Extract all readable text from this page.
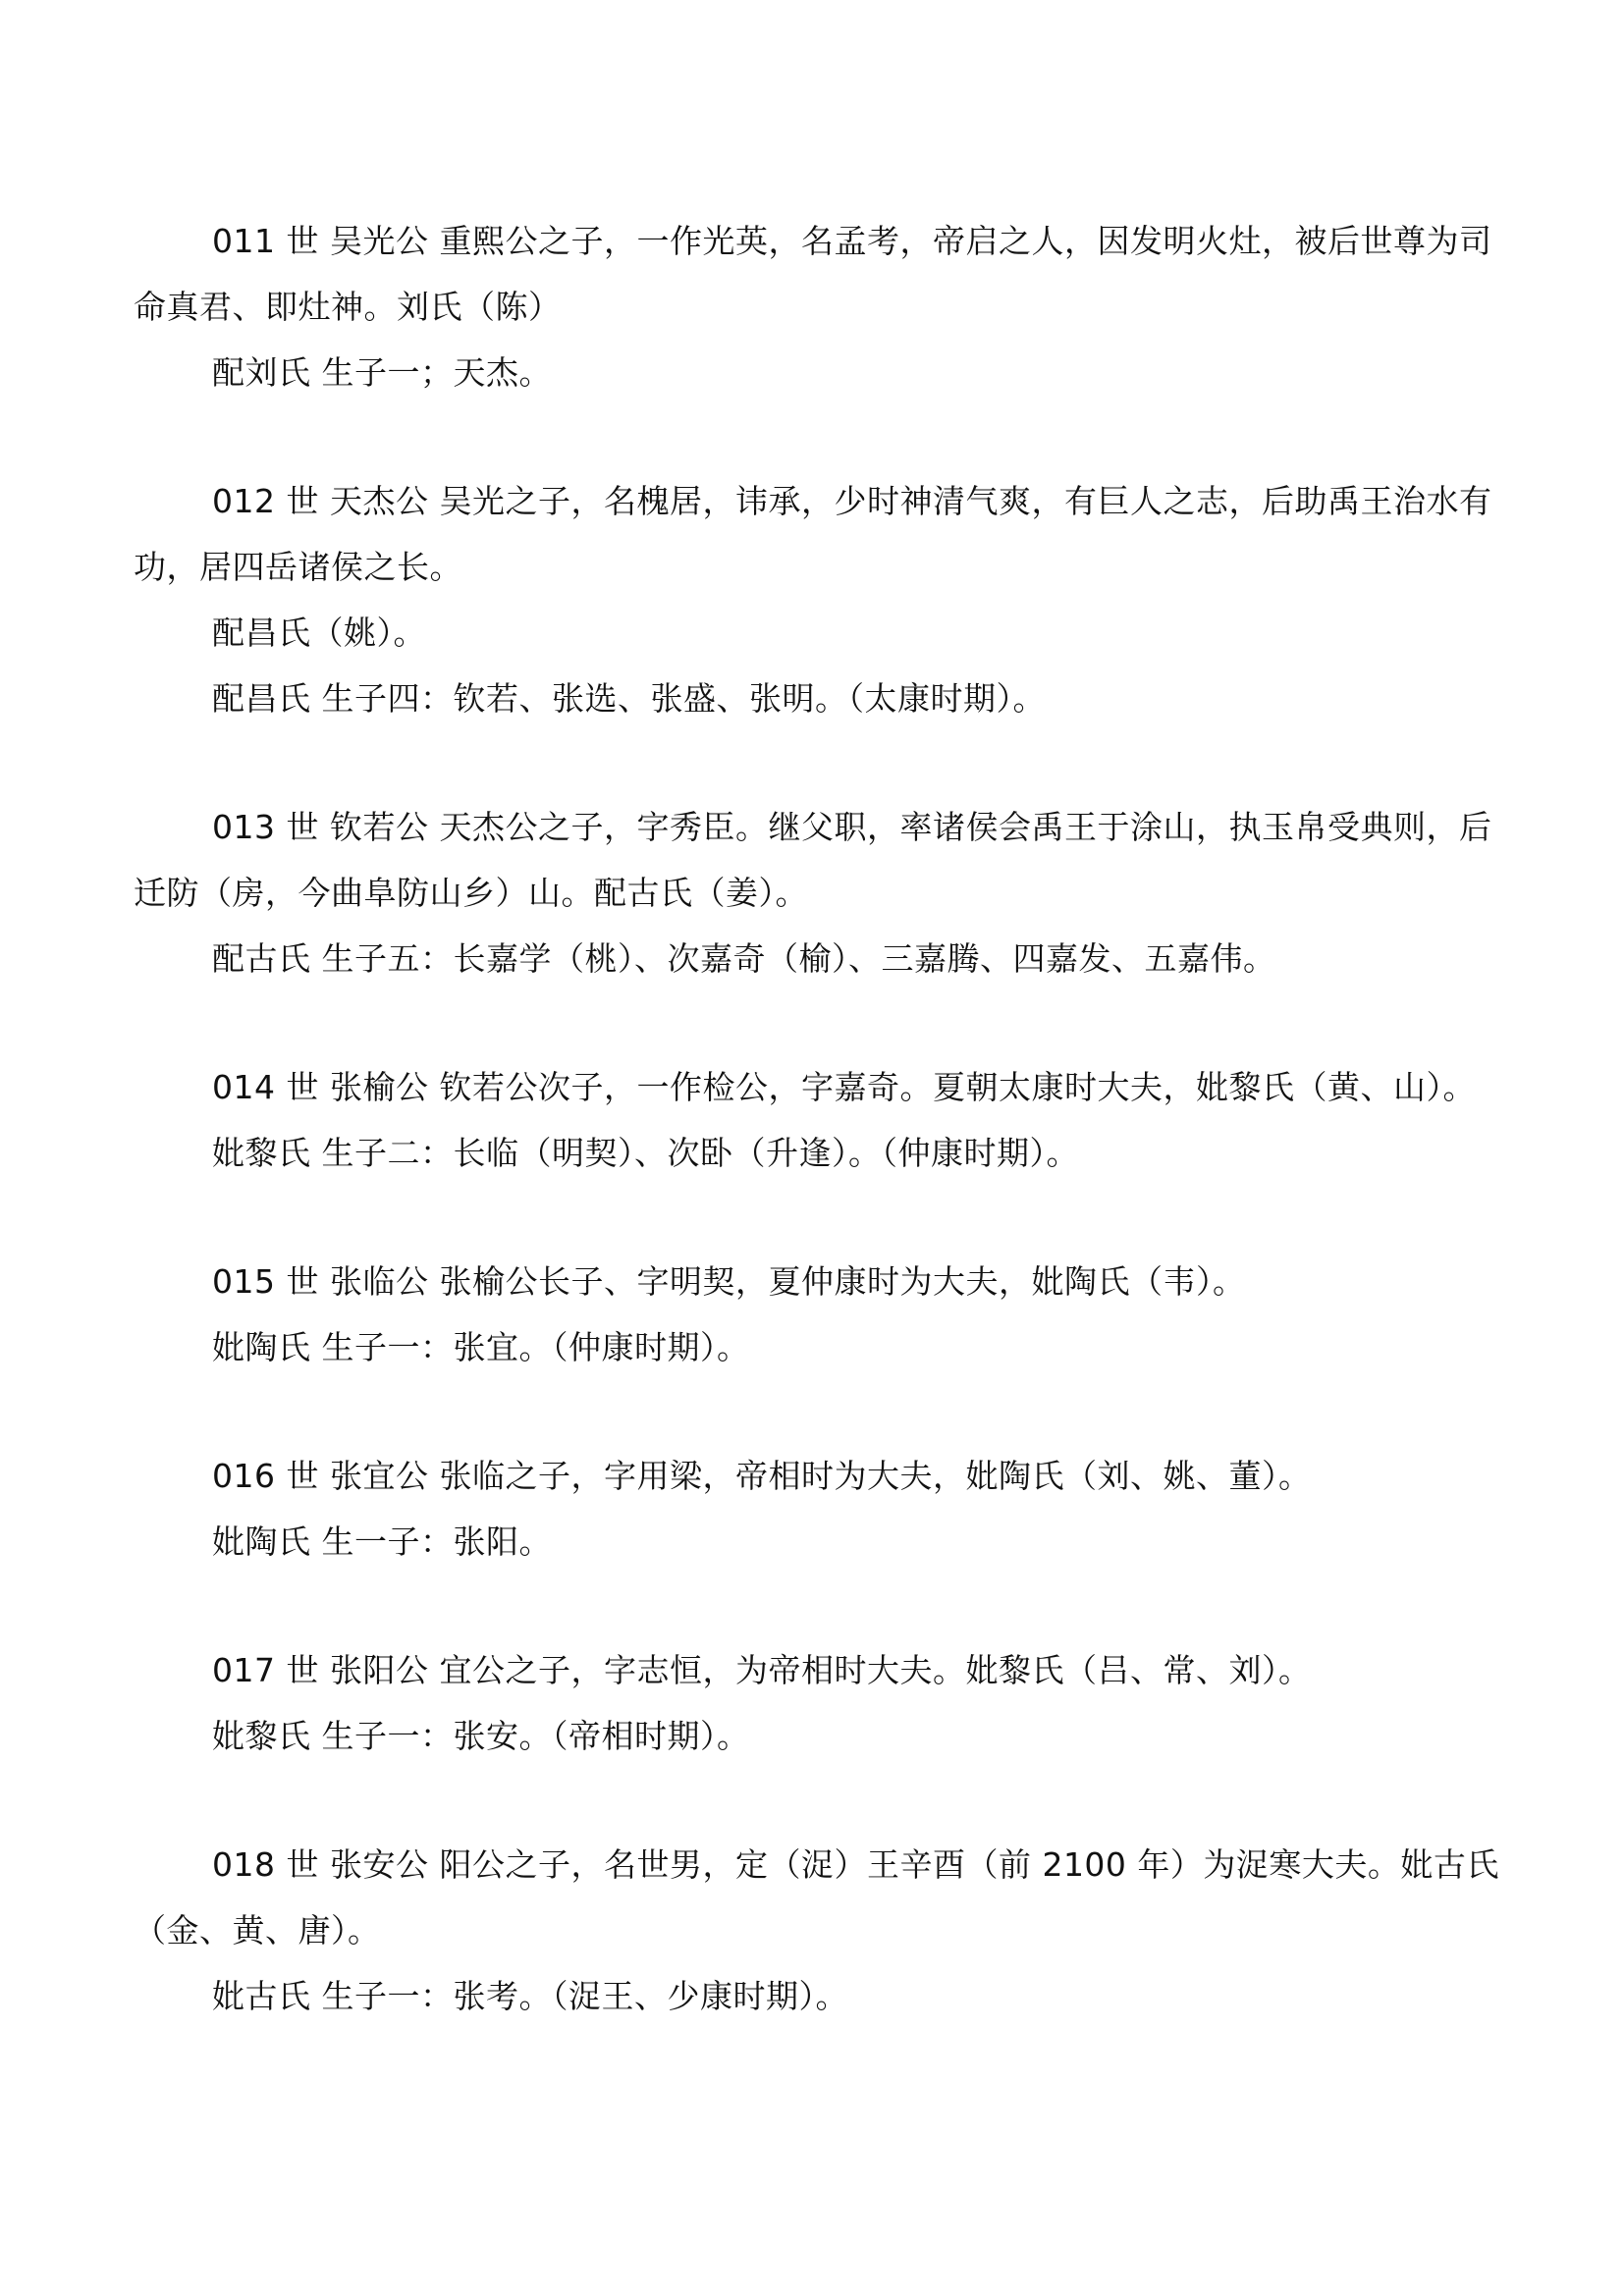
011 世 吴光公 重熙公之子，一作光英，名孟考，帝启之人，因发明火灶，被后世尊为司命真君、即灶神。刘氏（陈）

配刘氏 生子一；天杰。

012 世 天杰公 吴光之子，名槐居，讳承，少时神清气爽，有巨人之志，后助禹王治水有功，居四岳诸侯之长。

配昌氏（姚）。

配昌氏 生子四：钦若、张选、张盛、张明。（太康时期）。

013 世 钦若公 天杰公之子，字秀臣。继父职，率诸侯会禹王于涂山，执玉帛受典则，后迁防（房，今曲阜防山乡）山。配古氏（姜）。

配古氏 生子五：长嘉学（桃）、次嘉奇（榆）、三嘉腾、四嘉发、五嘉伟。

014 世 张榆公 钦若公次子，一作检公，字嘉奇。夏朝太康时大夫，妣黎氏（黄、山）。

妣黎氏 生子二：长临（明契）、次卧（升逢）。（仲康时期）。

015 世 张临公 张榆公长子、字明契，夏仲康时为大夫，妣陶氏（韦）。

妣陶氏 生子一：张宜。（仲康时期）。

016 世 张宜公 张临之子，字用梁，帝相时为大夫，妣陶氏（刘、姚、董）。

妣陶氏 生一子：张阳。

017 世 张阳公 宜公之子，字志恒，为帝相时大夫。妣黎氏（吕、常、刘）。

妣黎氏 生子一：张安。（帝相时期）。

018 世 张安公 阳公之子，名世男，定（浞）王辛酉（前 2100 年）为浞寒大夫。妣古氏（金、黄、唐）。

妣古氏 生子一：张考。（浞王、少康时期）。
